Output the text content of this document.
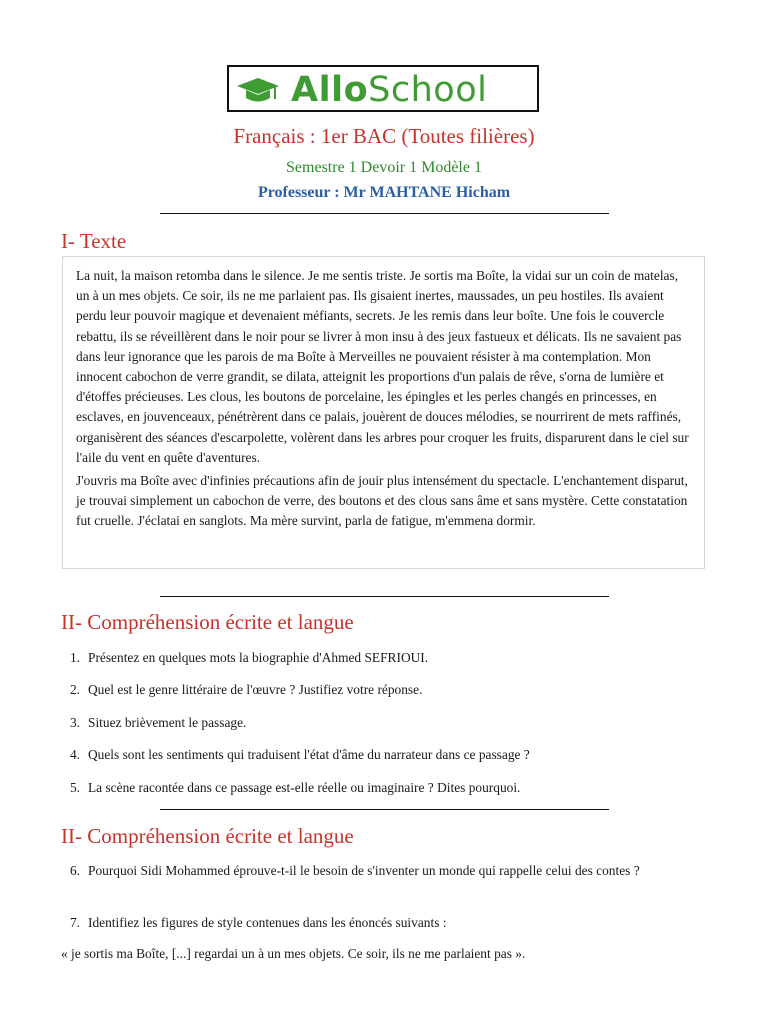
AlloSchool
Français : 1er BAC (Toutes filières)
Semestre 1 Devoir 1 Modèle 1
Professeur : Mr MAHTANE Hicham
I- Texte

La nuit, la maison retomba dans le silence. Je me sentis triste. Je sortis ma Boîte, la vidai sur un coin de matelas, un à un mes objets. Ce soir, ils ne me parlaient pas. Ils gisaient inertes, maussades, un peu hostiles. Ils avaient perdu leur pouvoir magique et devenaient méfiants, secrets. Je les remis dans leur boîte. Une fois le couvercle rebattu, ils se réveillèrent dans le noir pour se livrer à mon insu à des jeux fastueux et délicats. Ils ne savaient pas dans leur ignorance que les parois de ma Boîte à Merveilles ne pouvaient résister à ma contemplation. Mon innocent cabochon de verre grandit, se dilata, atteignit les proportions d'un palais de rêve, s'orna de lumière et d'étoffes précieuses. Les clous, les boutons de porcelaine, les épingles et les perles changés en princesses, en esclaves, en jouvenceaux, pénétrèrent dans ce palais, jouèrent de douces mélodies, se nourrirent de mets raffinés, organisèrent des séances d'escarpolette, volèrent dans les arbres pour croquer les fruits, disparurent dans le ciel sur l'aile du vent en quête d'aventures.

J'ouvris ma Boîte avec d'infinies précautions afin de jouir plus intensément du spectacle. L'enchantement disparut, je trouvai simplement un cabochon de verre, des boutons et des clous sans âme et sans mystère. Cette constatation fut cruelle. J'éclatai en sanglots. Ma mère survint, parla de fatigue, m'emmena dormir.

II- Compréhension écrite et langue
1. Présentez en quelques mots la biographie d'Ahmed SEFRIOUI.
2. Quel est le genre littéraire de l'œuvre ? Justifiez votre réponse.
3. Situez brièvement le passage.
4. Quels sont les sentiments qui traduisent l'état d'âme du narrateur dans ce passage ?
5. La scène racontée dans ce passage est-elle réelle ou imaginaire ? Dites pourquoi.
II- Compréhension écrite et langue
6. Pourquoi Sidi Mohammed éprouve-t-il le besoin de s'inventer un monde qui rappelle celui des contes ?
7. Identifiez les figures de style contenues dans les énoncés suivants :
« je sortis ma Boîte, [...] regardai un à un mes objets. Ce soir, ils ne me parlaient pas ».
